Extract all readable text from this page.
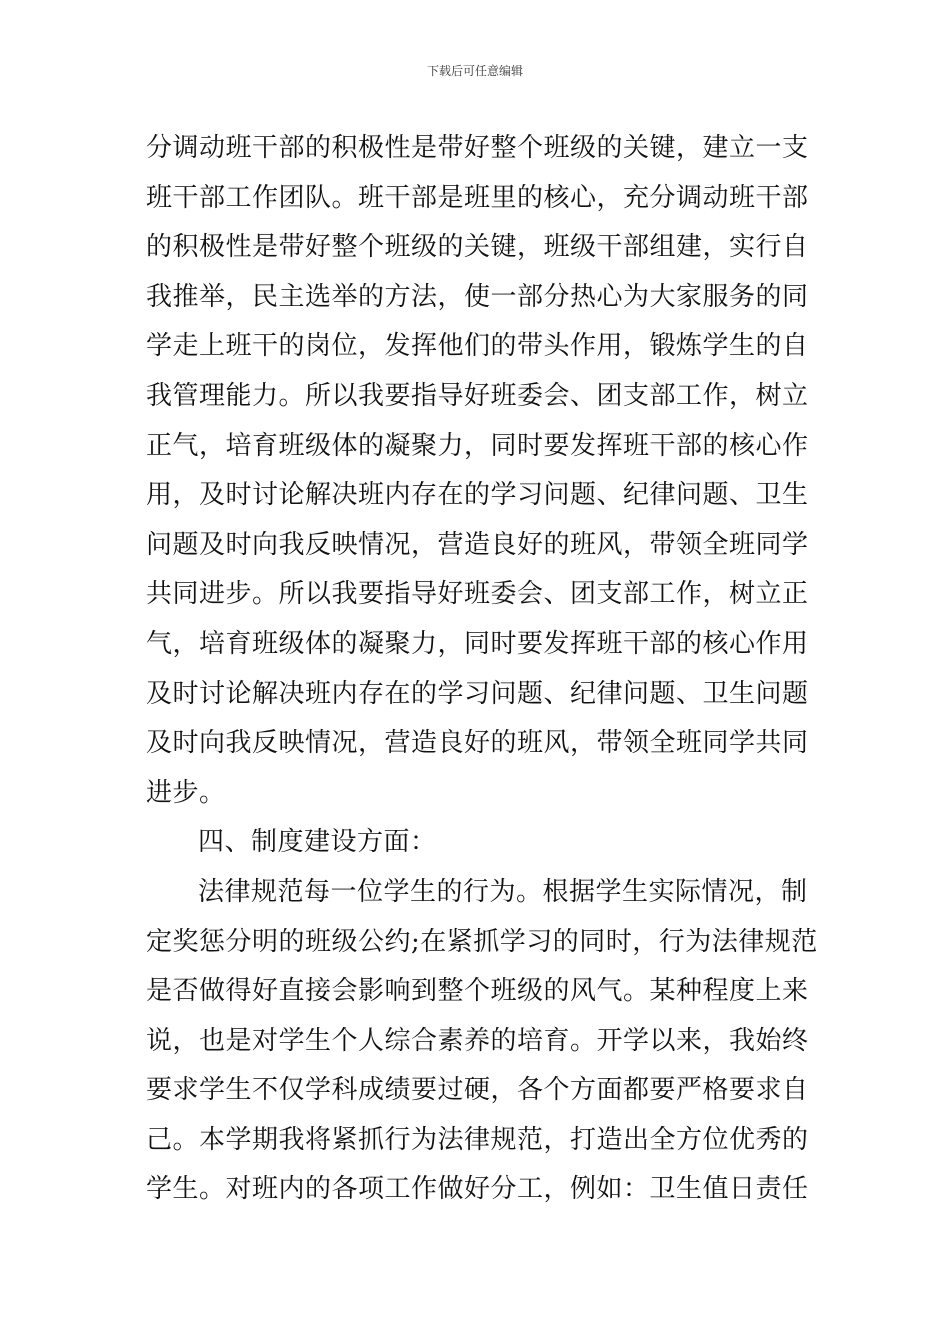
下载后可任意编辑
分调动班干部的积极性是带好整个班级的关键，建立一支
班干部工作团队。班干部是班里的核心，充分调动班干部
的积极性是带好整个班级的关键，班级干部组建，实行自
我推举，民主选举的方法，使一部分热心为大家服务的同
学走上班干的岗位，发挥他们的带头作用，锻炼学生的自
我管理能力。所以我要指导好班委会、团支部工作，树立
正气，培育班级体的凝聚力，同时要发挥班干部的核心作
用，及时讨论解决班内存在的学习问题、纪律问题、卫生
问题及时向我反映情况，营造良好的班风，带领全班同学
共同进步。所以我要指导好班委会、团支部工作，树立正
气，培育班级体的凝聚力，同时要发挥班干部的核心作用
及时讨论解决班内存在的学习问题、纪律问题、卫生问题
及时向我反映情况，营造良好的班风，带领全班同学共同
进步。
四、制度建设方面：
法律规范每一位学生的行为。根据学生实际情况，制
定奖惩分明的班级公约;在紧抓学习的同时，行为法律规范
是否做得好直接会影响到整个班级的风气。某种程度上来
说，也是对学生个人综合素养的培育。开学以来，我始终
要求学生不仅学科成绩要过硬，各个方面都要严格要求自
己。本学期我将紧抓行为法律规范，打造出全方位优秀的
学生。对班内的各项工作做好分工，例如：卫生值日责任
